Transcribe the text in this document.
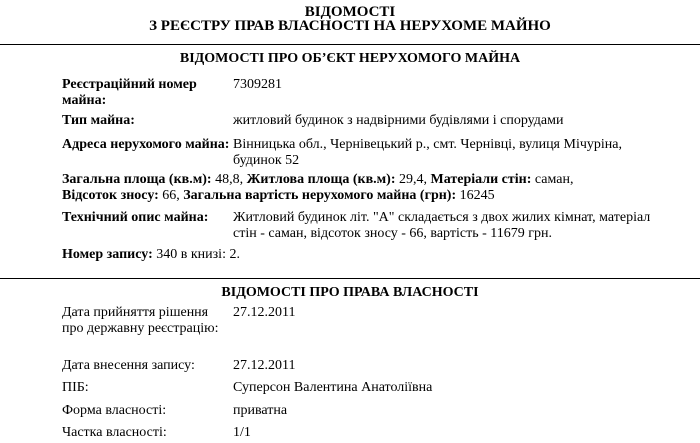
ВІДОМОСТІ
З РЕЄСТРУ ПРАВ ВЛАСНОСТІ НА НЕРУХОМЕ МАЙНО
ВІДОМОСТІ ПРО ОБ’ЄКТ НЕРУХОМОГО МАЙНА
Реєстраційний номер майна:
7309281
Тип майна:	житловий будинок з надвірними будівлями і спорудами
Адреса нерухомого майна: Вінницька обл., Чернівецький р., смт. Чернівці, вулиця Мічуріна, будинок 52
Загальна площа (кв.м): 48,8, Житлова площа (кв.м): 29,4, Матеріали стін: саман,
Відсоток зносу: 66, Загальна вартість нерухомого майна (грн): 16245
Технічний опис майна:	Житловий будинок літ. "А" складається з двох жилих кімнат, матеріал стін - саман, відсоток зносу - 66, вартість - 11679 грн.
Номер запису: 340 в книзі: 2.
ВІДОМОСТІ ПРО ПРАВА ВЛАСНОСТІ
Дата прийняття рішення про державну реєстрацію:
27.12.2011
Дата внесення запису:	27.12.2011
ПІБ:	Суперсон Валентина Анатоліївна
Форма власності:	приватна
Частка власності:	1/1
